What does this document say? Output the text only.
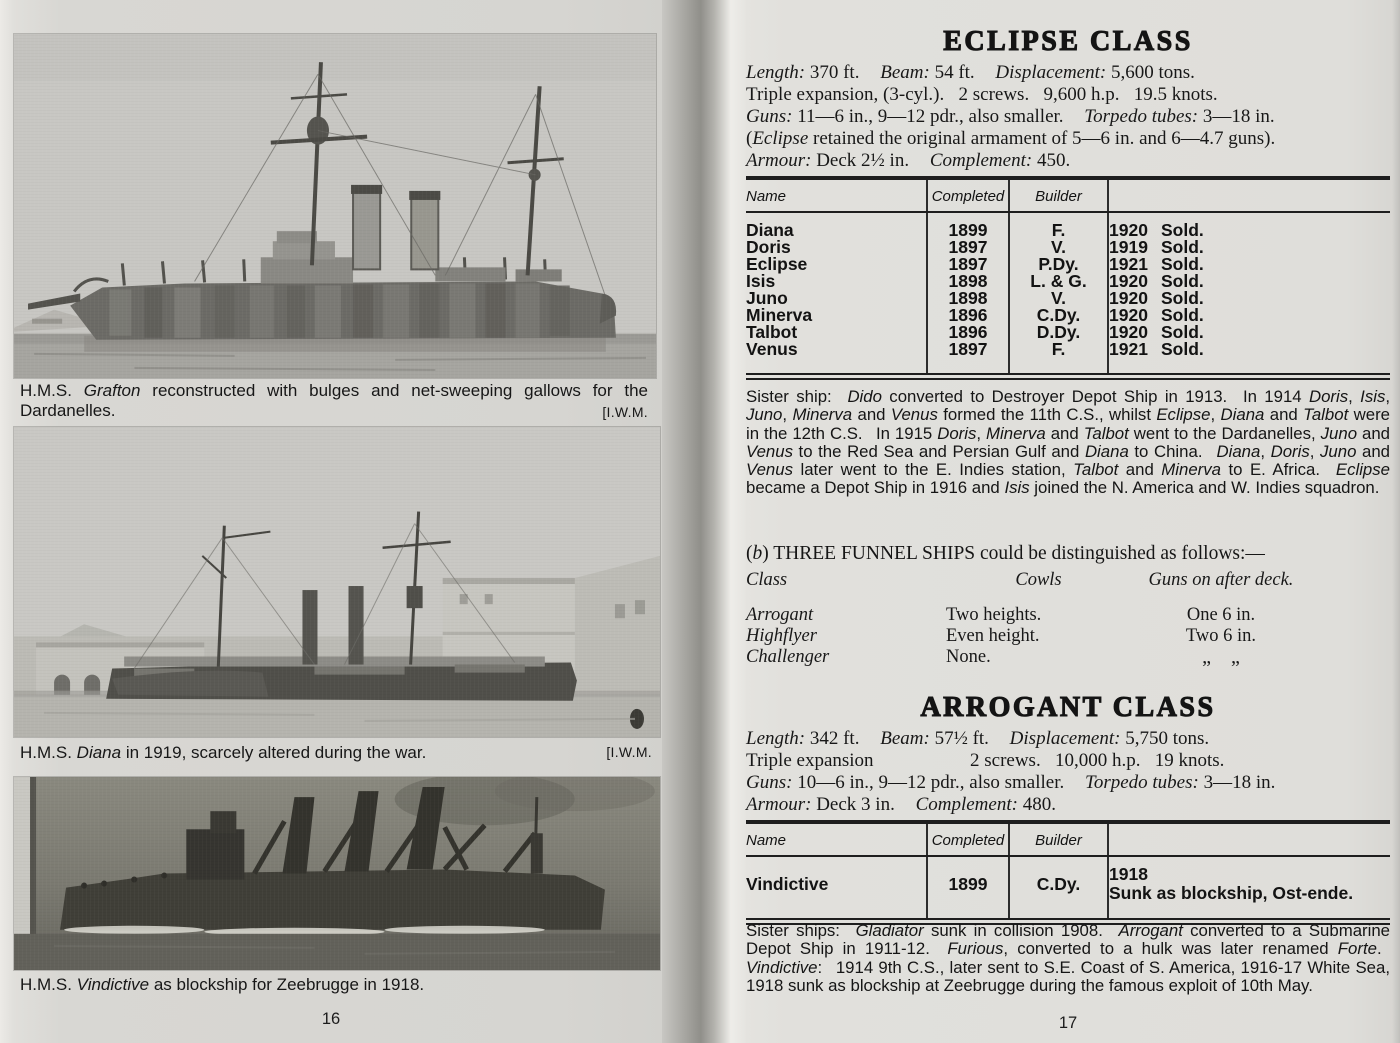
H.M.S. Grafton reconstructed with bulges and net-sweeping gallows for the Dardanelles.	[I.W.M.
H.M.S. Diana in 1919, scarcely altered during the war.	[I.W.M.
H.M.S. Vindictive as blockship for Zeebrugge in 1918.
16
ECLIPSE CLASS
Length: 370 ft. Beam: 54 ft. Displacement: 5,600 tons.
Triple expansion, (3-cyl.).  2 screws.  9,600 h.p.  19.5 knots.
Guns: 11—6 in., 9—12 pdr., also smaller. Torpedo tubes: 3—18 in.
(Eclipse retained the original armament of 5—6 in. and 6—4.7 guns).
Armour: Deck 2½ in. Complement: 450.
Name	Completed	Builder	
Diana	1899	F.	1920 Sold.
Doris	1897	V.	1919 Sold.
Eclipse	1897	P.Dy.	1921 Sold.
Isis	1898	L. & G.	1920 Sold.
Juno	1898	V.	1920 Sold.
Minerva	1896	C.Dy.	1920 Sold.
Talbot	1896	D.Dy.	1920 Sold.
Venus	1897	F.	1921 Sold.
Sister ship:  Dido converted to Destroyer Depot Ship in 1913.  In 1914 Doris, Isis, Juno, Minerva and Venus formed the 11th C.S., whilst Eclipse, Diana and Talbot were in the 12th C.S.  In 1915 Doris, Minerva and Talbot went to the Dardanelles, Juno and Venus to the Red Sea and Persian Gulf and Diana to China.  Diana, Doris, Juno and Venus later went to the E. Indies station, Talbot and Minerva to E. Africa.  Eclipse became a Depot Ship in 1916 and Isis joined the N. America and W. Indies squadron.
(b) THREE FUNNEL SHIPS could be distinguished as follows:—
Class	Cowls	Guns on after deck.
Arrogant	Two heights.	One 6 in.
Highflyer	Even height.	Two 6 in.
Challenger	None.	„ „
ARROGANT CLASS
Length: 342 ft. Beam: 57½ ft. Displacement: 5,750 tons.
Triple expansion	2 screws.  10,000 h.p.  19 knots.
Guns: 10—6 in., 9—12 pdr., also smaller. Torpedo tubes: 3—18 in.
Armour: Deck 3 in. Complement: 480.
Name	Completed	Builder	
Vindictive	1899	C.Dy.	1918Sunk as blockship, Ost-ende.
Sister ships:  Gladiator sunk in collision 1908.  Arrogant converted to a Submarine Depot Ship in 1911-12.  Furious, converted to a hulk was later renamed Forte.  Vindictive:  1914 9th C.S., later sent to S.E. Coast of S. America, 1916-17 White Sea, 1918 sunk as blockship at Zeebrugge during the famous exploit of 10th May.
17
